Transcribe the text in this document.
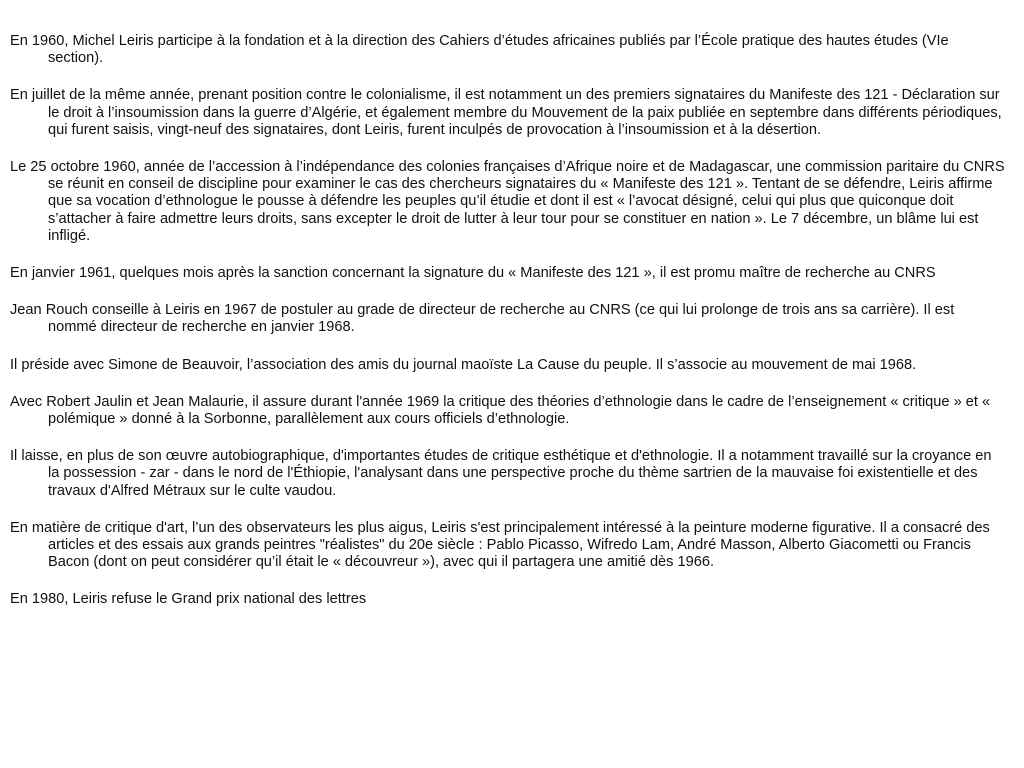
En 1960, Michel Leiris participe à la fondation et à la direction des Cahiers d’études africaines publiés par l’École pratique des hautes études (VIe section).

En juillet de la même année, prenant position contre le colonialisme, il est notamment un des premiers signataires du Manifeste des 121 - Déclaration sur le droit à l’insoumission dans la guerre d’Algérie, et également membre du Mouvement de la paix publiée en septembre dans différents périodiques, qui furent saisis, vingt-neuf des signataires, dont Leiris, furent inculpés de provocation à l’insoumission et à la désertion.

Le 25 octobre 1960, année de l’accession à l’indépendance des colonies françaises d’Afrique noire et de Madagascar, une commission paritaire du CNRS se réunit en conseil de discipline pour examiner le cas des chercheurs signataires du « Manifeste des 121 ». Tentant de se défendre, Leiris affirme que sa vocation d’ethnologue le pousse à défendre les peuples qu’il étudie et dont il est « l’avocat désigné, celui qui plus que quiconque doit s’attacher à faire admettre leurs droits, sans excepter le droit de lutter à leur tour pour se constituer en nation ». Le 7 décembre, un blâme lui est infligé.

En janvier 1961, quelques mois après la sanction concernant la signature du « Manifeste des 121 », il est promu maître de recherche au CNRS

Jean Rouch conseille à Leiris en 1967 de postuler au grade de directeur de recherche au CNRS (ce qui lui prolonge de trois ans sa carrière). Il est nommé directeur de recherche en janvier 1968.

Il préside avec Simone de Beauvoir, l’association des amis du journal maoïste La Cause du peuple. Il s’associe au mouvement de mai 1968.

Avec Robert Jaulin et Jean Malaurie, il assure durant l'année 1969 la critique des théories d’ethnologie dans le cadre de l’enseignement « critique » et « polémique » donné à la Sorbonne, parallèlement aux cours officiels d’ethnologie.

Il laisse, en plus de son œuvre autobiographique, d'importantes études de critique esthétique et d'ethnologie. Il a notamment travaillé sur la croyance en la possession - zar - dans le nord de l'Éthiopie, l'analysant dans une perspective proche du thème sartrien de la mauvaise foi existentielle et des travaux d'Alfred Métraux sur le culte vaudou.

En matière de critique d'art, l’un des observateurs les plus aigus, Leiris s'est principalement intéressé à la peinture moderne figurative. Il a consacré des articles et des essais aux grands peintres "réalistes" du 20e siècle : Pablo Picasso, Wifredo Lam, André Masson, Alberto Giacometti ou Francis Bacon (dont on peut considérer qu’il était le « découvreur »), avec qui il partagera une amitié dès 1966.

En 1980, Leiris refuse le Grand prix national des lettres
